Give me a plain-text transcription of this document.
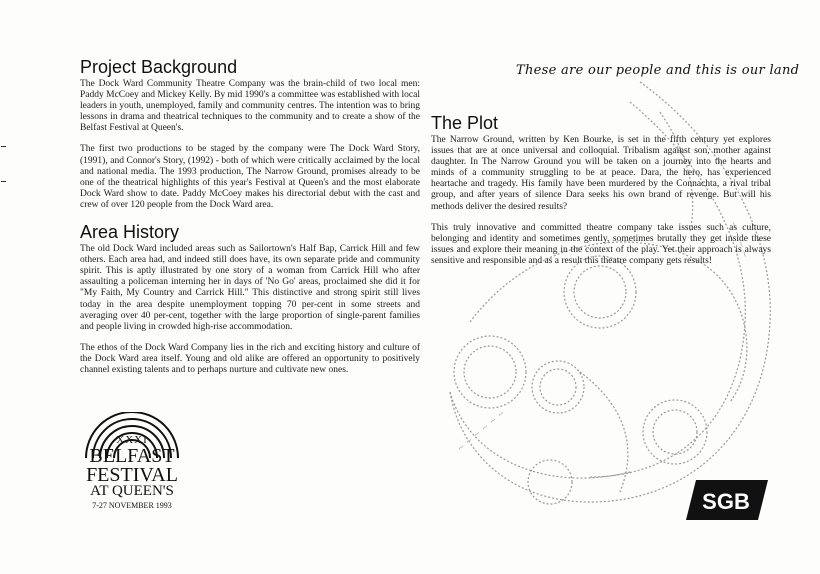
~ ~ ~ ~ ~ ~
~ ~ ~ ~
These are our people and this is our land
Project Background

The Dock Ward Community Theatre Company was the brain-child of two local men: Paddy McCoey and Mickey Kelly. By mid 1990's a committee was established with local leaders in youth, unemployed, family and community centres. The intention was to bring lessons in drama and theatrical techniques to the community and to create a show of the Belfast Festival at Queen's.

The first two productions to be staged by the company were The Dock Ward Story, (1991), and Connor's Story, (1992) - both of which were critically acclaimed by the local and national media. The 1993 production, The Narrow Ground, promises already to be one of the theatrical highlights of this year's Festival at Queen's and the most elaborate Dock Ward show to date. Paddy McCoey makes his directorial debut with the cast and crew of over 120 people from the Dock Ward area.

Area History

The old Dock Ward included areas such as Sailortown's Half Bap, Carrick Hill and few others. Each area had, and indeed still does have, its own separate pride and community spirit. This is aptly illustrated by one story of a woman from Carrick Hill who after assaulting a policeman interning her in days of 'No Go' areas, proclaimed she did it for "My Faith, My Country and Carrick Hill." This distinctive and strong spirit still lives today in the area despite unemployment topping 70 per-cent in some streets and averaging over 40 per-cent, together with the large proportion of single-parent families and people living in crowded high-rise accommodation.

The ethos of the Dock Ward Company lies in the rich and exciting history and culture of the Dock Ward area itself. Young and old alike are offered an opportunity to positively channel existing talents and to perhaps nurture and cultivate new ones.

The Plot

The Narrow Ground, written by Ken Bourke, is set in the fifth century yet explores issues that are at once universal and colloquial. Tribalism against son, mother against daughter. In The Narrow Ground you will be taken on a journey into the hearts and minds of a community struggling to be at peace. Dara, the hero, has experienced heartache and tragedy. His family have been murdered by the Connachta, a rival tribal group, and after years of silence Dara seeks his own brand of revenge. But will his methods deliver the desired results?

This truly innovative and committed theatre company take issues such as culture, belonging and identity and sometimes gently, sometimes brutally they get inside these issues and explore their meaning in the context of the play. Yet their approach is always sensitive and responsible and as a result this theatre company gets results!

XXXI
BELFAST
FESTIVAL
AT QUEEN'S
7-27 NOVEMBER 1993	SGB
